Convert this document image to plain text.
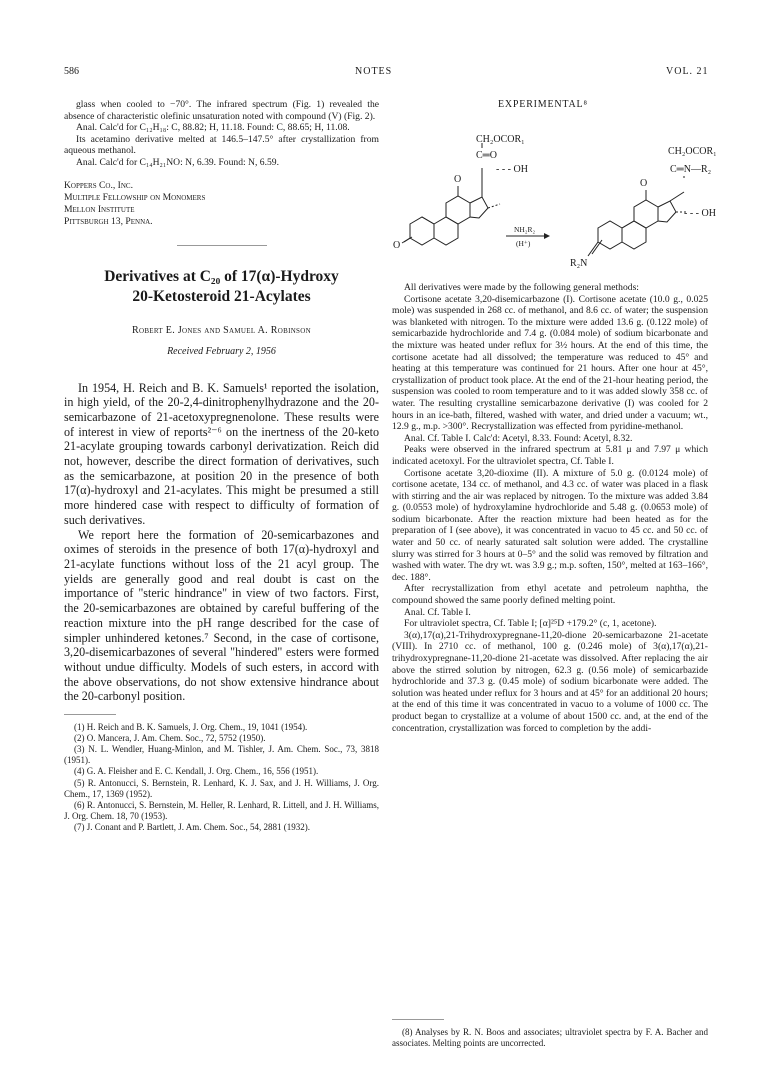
586	NOTES	VOL. 21

glass when cooled to −70°. The infrared spectrum (Fig. 1) revealed the absence of characteristic olefinic unsaturation noted with compound (V) (Fig. 2).

Anal. Calc'd for C₁₂H₁₈: C, 88.82; H, 11.18. Found: C, 88.65; H, 11.08.

Its acetamino derivative melted at 146.5–147.5° after crystallization from aqueous methanol.

Anal. Calc'd for C₁₄H₂₁NO: N, 6.39. Found: N, 6.59.

Koppers Co., Inc.
Multiple Fellowship on Monomers
Mellon Institute
Pittsburgh 13, Penna.
Derivatives at C₂₀ of 17(α)-Hydroxy
20-Ketosteroid 21-Acylates
Robert E. Jones and Samuel A. Robinson
Received February 2, 1956

In 1954, H. Reich and B. K. Samuels¹ reported the isolation, in high yield, of the 20-2,4-dinitrophenylhydrazone and the 20-semicarbazone of 21-acetoxypregnenolone. These results were of interest in view of reports²⁻⁶ on the inertness of the 20-keto 21-acylate grouping towards carbonyl derivatization. Reich did not, however, describe the direct formation of derivatives, such as the semicarbazone, at position 20 in the presence of both 17(α)-hydroxyl and 21-acylates. This might be presumed a still more hindered case with respect to difficulty of formation of such derivatives.

We report here the formation of 20-semicarbazones and oximes of steroids in the presence of both 17(α)-hydroxyl and 21-acylate functions without loss of the 21 acyl group. The yields are generally good and real doubt is cast on the importance of "steric hindrance" in view of two factors. First, the 20-semicarbazones are obtained by careful buffering of the reaction mixture into the pH range described for the case of simpler unhindered ketones.⁷ Second, in the case of cortisone, 3,20-disemicarbazones of several "hindered" esters were formed without undue difficulty. Models of such esters, in accord with the above observations, do not show extensive hindrance about the 20-carbonyl position.

(1) H. Reich and B. K. Samuels, J. Org. Chem., 19, 1041 (1954).

(2) O. Mancera, J. Am. Chem. Soc., 72, 5752 (1950).

(3) N. L. Wendler, Huang-Minlon, and M. Tishler, J. Am. Chem. Soc., 73, 3818 (1951).

(4) G. A. Fleisher and E. C. Kendall, J. Org. Chem., 16, 556 (1951).

(5) R. Antonucci, S. Bernstein, R. Lenhard, K. J. Sax, and J. H. Williams, J. Org. Chem., 17, 1369 (1952).

(6) R. Antonucci, S. Bernstein, M. Heller, R. Lenhard, R. Littell, and J. H. Williams, J. Org. Chem. 18, 70 (1953).

(7) J. Conant and P. Bartlett, J. Am. Chem. Soc., 54, 2881 (1932).

EXPERIMENTAL⁸
O
O
C═O
CH₂OCOR₁
- - - OH
NH₂R₂
(H⁺)
O
C═N—R₂
CH₂OCOR₁
- - - OH
R₂N

All derivatives were made by the following general methods:

Cortisone acetate 3,20-disemicarbazone (I). Cortisone acetate (10.0 g., 0.025 mole) was suspended in 268 cc. of methanol, and 8.6 cc. of water; the suspension was blanketed with nitrogen. To the mixture were added 13.6 g. (0.122 mole) of semicarbazide hydrochloride and 7.4 g. (0.084 mole) of sodium bicarbonate and the mixture was heated under reflux for 3½ hours. At the end of this time, the cortisone acetate had all dissolved; the temperature was reduced to 45° and heating at this temperature was continued for 21 hours. After one hour at 45°, crystallization of product took place. At the end of the 21-hour heating period, the suspension was cooled to room temperature and to it was added slowly 358 cc. of water. The resulting crystalline semicarbazone derivative (I) was cooled for 2 hours in an ice-bath, filtered, washed with water, and dried under a vacuum; wt., 12.9 g., m.p. >300°. Recrystallization was effected from pyridine-methanol.

Anal. Cf. Table I. Calc'd: Acetyl, 8.33. Found: Acetyl, 8.32.

Peaks were observed in the infrared spectrum at 5.81 μ and 7.97 μ which indicated acetoxyl. For the ultraviolet spectra, Cf. Table I.

Cortisone acetate 3,20-dioxime (II). A mixture of 5.0 g. (0.0124 mole) of cortisone acetate, 134 cc. of methanol, and 4.3 cc. of water was placed in a flask with stirring and the air was replaced by nitrogen. To the mixture was added 3.84 g. (0.0553 mole) of hydroxylamine hydrochloride and 5.48 g. (0.0653 mole) of sodium bicarbonate. After the reaction mixture had been heated as for the preparation of I (see above), it was concentrated in vacuo to 45 cc. and 50 cc. of water and 50 cc. of nearly saturated salt solution were added. The crystalline slurry was stirred for 3 hours at 0–5° and the solid was removed by filtration and washed with water. The dry wt. was 3.9 g.; m.p. soften, 150°, melted at 163–166°, dec. 188°.

After recrystallization from ethyl acetate and petroleum naphtha, the compound showed the same poorly defined melting point.

Anal. Cf. Table I.

For ultraviolet spectra, Cf. Table I; [α]²⁵D +179.2° (c, 1, acetone).

3(α),17(α),21-Trihydroxypregnane-11,20-dione 20-semicarbazone 21-acetate (VIII). In 2710 cc. of methanol, 100 g. (0.246 mole) of 3(α),17(α),21-trihydroxypregnane-11,20-dione 21-acetate was dissolved. After replacing the air above the stirred solution by nitrogen, 62.3 g. (0.56 mole) of semicarbazide hydrochloride and 37.3 g. (0.45 mole) of sodium bicarbonate were added. The solution was heated under reflux for 3 hours and at 45° for an additional 20 hours; at the end of this time it was concentrated in vacuo to a volume of 1000 cc. The product began to crystallize at a volume of about 1500 cc. and, at the end of the concentration, crystallization was forced to completion by the addi-

(8) Analyses by R. N. Boos and associates; ultraviolet spectra by F. A. Bacher and associates. Melting points are uncorrected.
